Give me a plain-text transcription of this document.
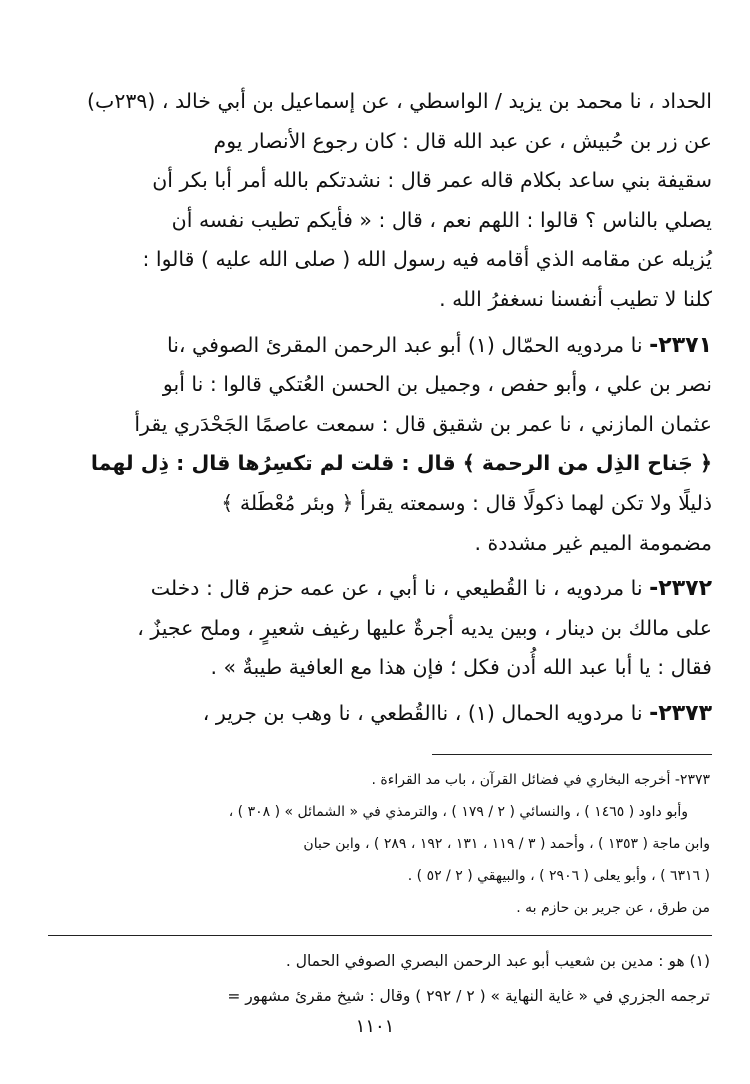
الحداد ، نا محمد بن يزيد / الواسطي ، عن إسماعيل بن أبي خالد ، (٢٣٩ب)

عن زر بن حُبيش ، عن عبد الله قال : كان رجوع الأنصار يوم

سقيفة بني ساعد بكلام قاله عمر قال : نشدتكم بالله أمر أبا بكر أن

يصلي بالناس ؟ قالوا : اللهم نعم ، قال : « فأيكم تطيب نفسه أن

يُزيله عن مقامه الذي أقامه فيه رسول الله ( صلى الله عليه ) قالوا :

كلنا لا تطيب أنفسنا نسغفرُ الله .

٢٣٧١- نا مردويه الحمّال (١) أبو عبد الرحمن المقرئ الصوفي ،نا

نصر بن علي ، وأبو حفص ، وجميل بن الحسن العُتكي قالوا : نا أبو

عثمان المازني ، نا عمر بن شقيق قال : سمعت عاصمًا الجَحْدَري يقرأ

﴿ جَناح الذِل من الرحمة ﴾ قال : قلت لم تكسِرُها قال : ذِل لهما

ذليلًا ولا تكن لهما ذكولًا قال : وسمعته يقرأ ﴿ وبئر مُعْطَلة ﴾

مضمومة الميم غير مشددة .

٢٣٧٢- نا مردويه ، نا القُطيعي ، نا أبي ، عن عمه حزم قال : دخلت

على مالك بن دينار ، وبين يديه أجرةٌ عليها رغيف شعيرٍ ، وملح عجيزٌ ،

فقال : يا أبا عبد الله أُدن فكل ؛ فإن هذا مع العافية طيبةٌ » .

٢٣٧٣- نا مردويه الحمال (١) ، ناالقُطعي ، نا وهب بن جرير ،

٢٣٧٣- أخرجه البخاري في فضائل القرآن ، باب مد القراءة .

وأبو داود ( ١٤٦٥ ) ، والنسائي ( ٢ / ١٧٩ ) ، والترمذي في « الشمائل » ( ٣٠٨ ) ،

وابن ماجة ( ١٣٥٣ ) ، وأحمد ( ٣ / ١١٩ ، ١٣١ ، ١٩٢ ، ٢٨٩ ) ، وابن حبان

( ٦٣١٦ ) ، وأبو يعلى ( ٢٩٠٦ ) ، والبيهقي ( ٢ / ٥٢ ) .

من طرق ، عن جرير بن حازم به .

(١) هو : مدين بن شعيب أبو عبد الرحمن البصري الصوفي الحمال .

ترجمه الجزري في « غاية النهاية » ( ٢ / ٢٩٢ ) وقال : شيخ مقرئ مشهور =

١١٠١
